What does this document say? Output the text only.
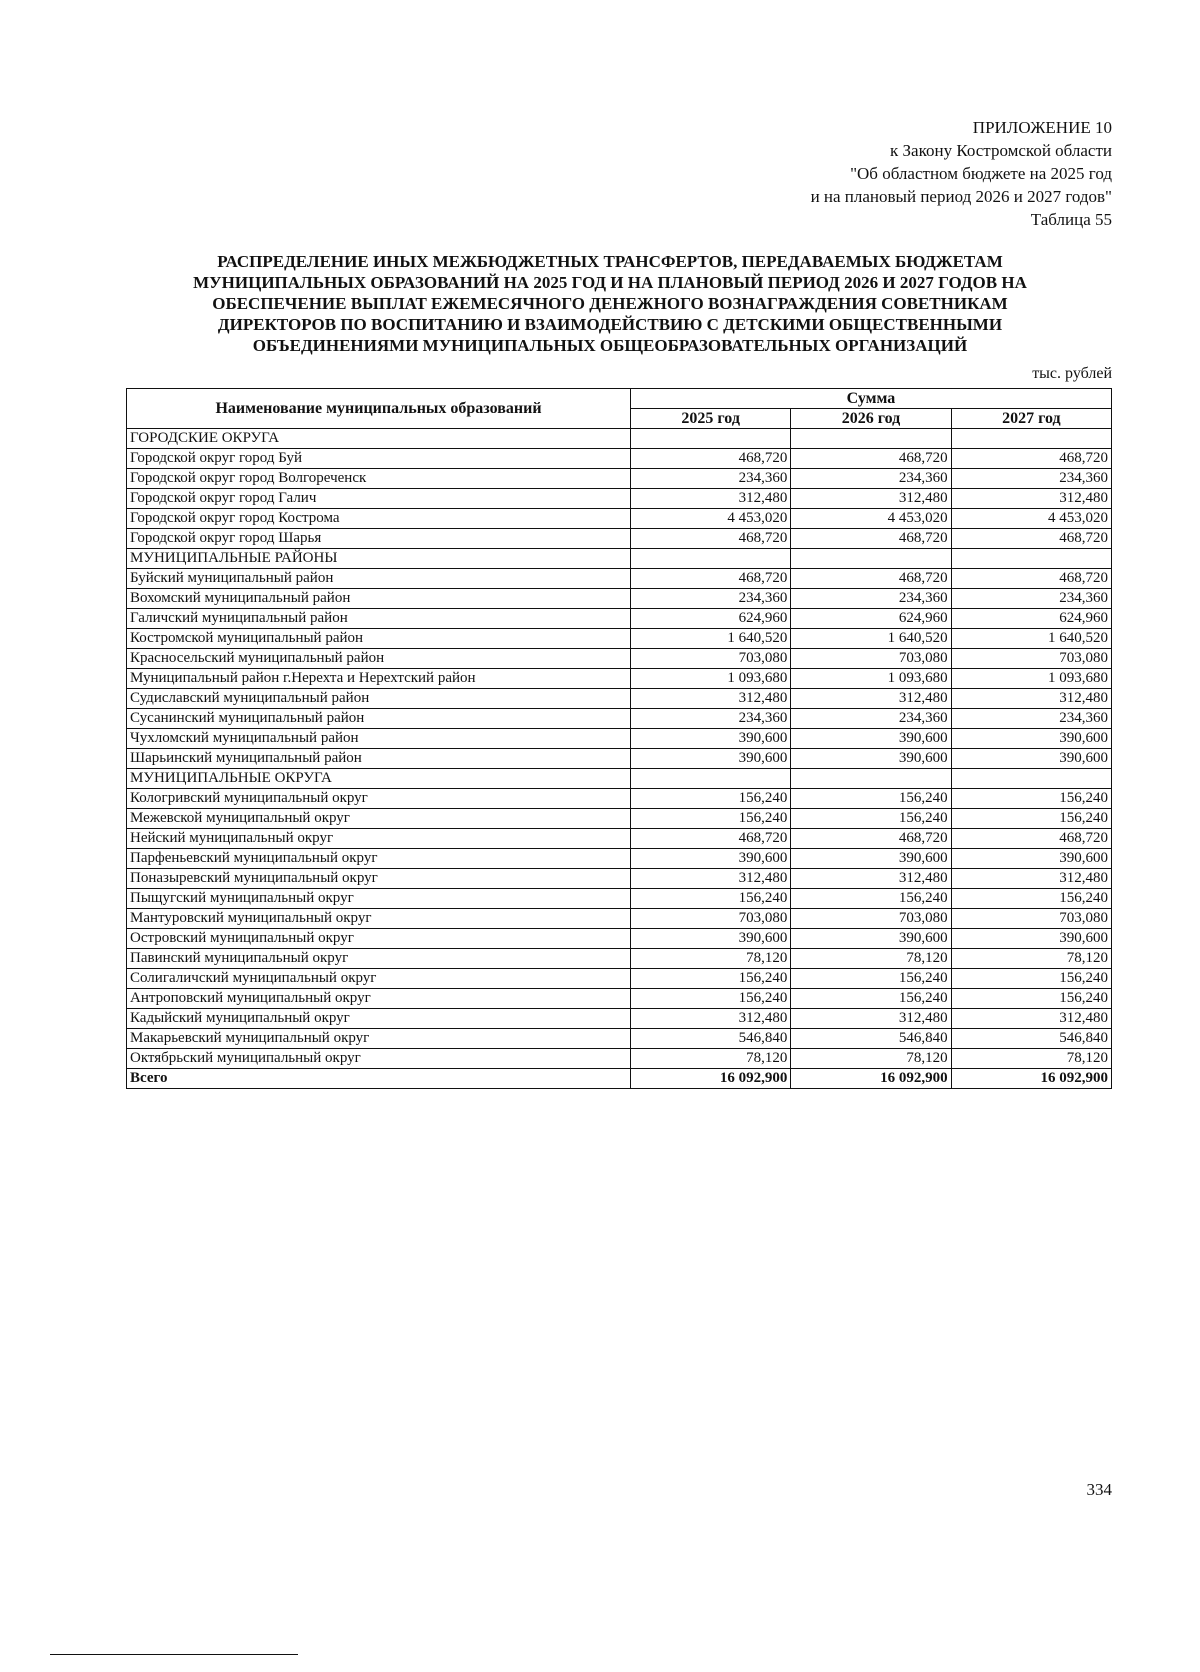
ПРИЛОЖЕНИЕ 10
к Закону Костромской области
"Об областном бюджете на 2025 год
и на плановый период 2026 и 2027 годов"
Таблица 55
РАСПРЕДЕЛЕНИЕ ИНЫХ МЕЖБЮДЖЕТНЫХ ТРАНСФЕРТОВ, ПЕРЕДАВАЕМЫХ БЮДЖЕТАМ
МУНИЦИПАЛЬНЫХ ОБРАЗОВАНИЙ НА 2025 ГОД И НА ПЛАНОВЫЙ ПЕРИОД 2026 И 2027 ГОДОВ НА
ОБЕСПЕЧЕНИЕ ВЫПЛАТ ЕЖЕМЕСЯЧНОГО ДЕНЕЖНОГО ВОЗНАГРАЖДЕНИЯ СОВЕТНИКАМ
ДИРЕКТОРОВ ПО ВОСПИТАНИЮ И ВЗАИМОДЕЙСТВИЮ С ДЕТСКИМИ ОБЩЕСТВЕННЫМИ
ОБЪЕДИНЕНИЯМИ МУНИЦИПАЛЬНЫХ ОБЩЕОБРАЗОВАТЕЛЬНЫХ ОРГАНИЗАЦИЙ
тыс. рублей
Наименование муниципальных образований	Сумма		
	2025 год	2026 год	2027 год
ГОРОДСКИЕ ОКРУГА			
Городской округ город Буй	468,720	468,720	468,720
Городской округ город Волгореченск	234,360	234,360	234,360
Городской округ город Галич	312,480	312,480	312,480
Городской округ город Кострома	4 453,020	4 453,020	4 453,020
Городской округ город Шарья	468,720	468,720	468,720
МУНИЦИПАЛЬНЫЕ РАЙОНЫ			
Буйский муниципальный район	468,720	468,720	468,720
Вохомский муниципальный район	234,360	234,360	234,360
Галичский муниципальный район	624,960	624,960	624,960
Костромской муниципальный район	1 640,520	1 640,520	1 640,520
Красносельский муниципальный район	703,080	703,080	703,080
Муниципальный район г.Нерехта и Нерехтский район	1 093,680	1 093,680	1 093,680
Судиславский муниципальный район	312,480	312,480	312,480
Сусанинский муниципальный район	234,360	234,360	234,360
Чухломский муниципальный район	390,600	390,600	390,600
Шарьинский муниципальный район	390,600	390,600	390,600
МУНИЦИПАЛЬНЫЕ ОКРУГА			
Кологривский муниципальный округ	156,240	156,240	156,240
Межевской муниципальный округ	156,240	156,240	156,240
Нейский муниципальный округ	468,720	468,720	468,720
Парфеньевский муниципальный округ	390,600	390,600	390,600
Поназыревский муниципальный округ	312,480	312,480	312,480
Пыщугский муниципальный округ	156,240	156,240	156,240
Мантуровский муниципальный округ	703,080	703,080	703,080
Островский муниципальный округ	390,600	390,600	390,600
Павинский муниципальный округ	78,120	78,120	78,120
Солигаличский муниципальный округ	156,240	156,240	156,240
Антроповский муниципальный округ	156,240	156,240	156,240
Кадыйский муниципальный округ	312,480	312,480	312,480
Макарьевский муниципальный округ	546,840	546,840	546,840
Октябрьский муниципальный округ	78,120	78,120	78,120
Всего	16 092,900	16 092,900	16 092,900
334
